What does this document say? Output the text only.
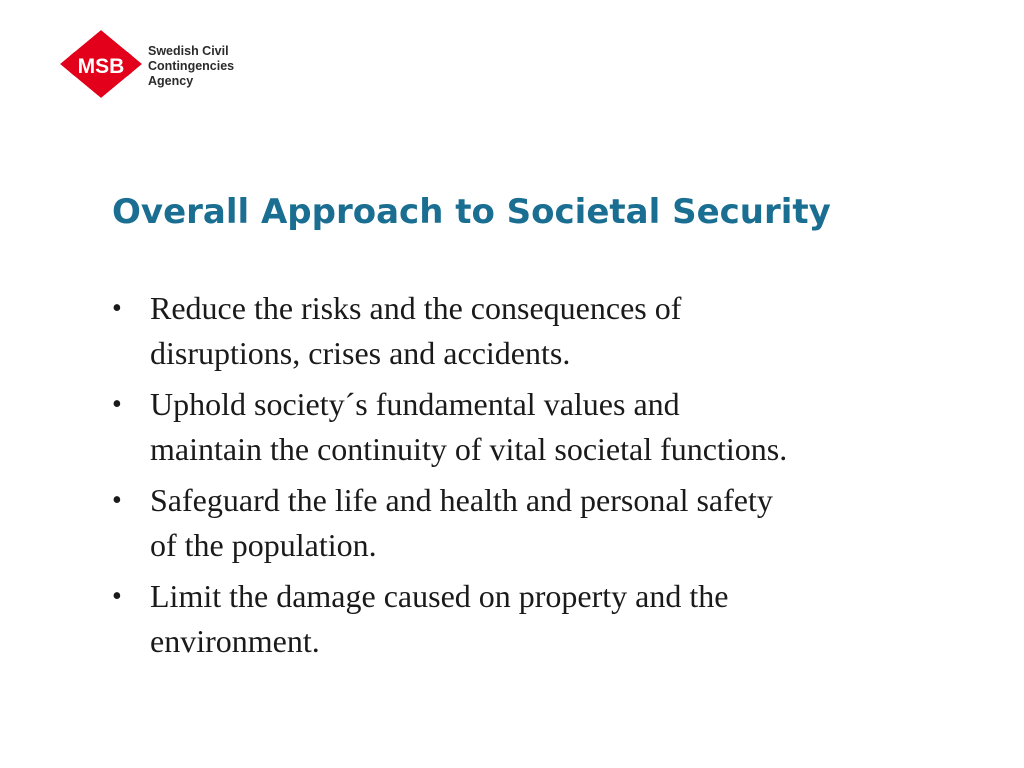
MSB
Swedish Civil
Contingencies
Agency
Overall Approach to Societal Security
• Reduce the risks and the consequences of
disruptions, crises and accidents.
• Uphold society´s fundamental values and
maintain the continuity of vital societal functions.
• Safeguard the life and health and personal safety
of the population.
• Limit the damage caused on property and the
environment.
